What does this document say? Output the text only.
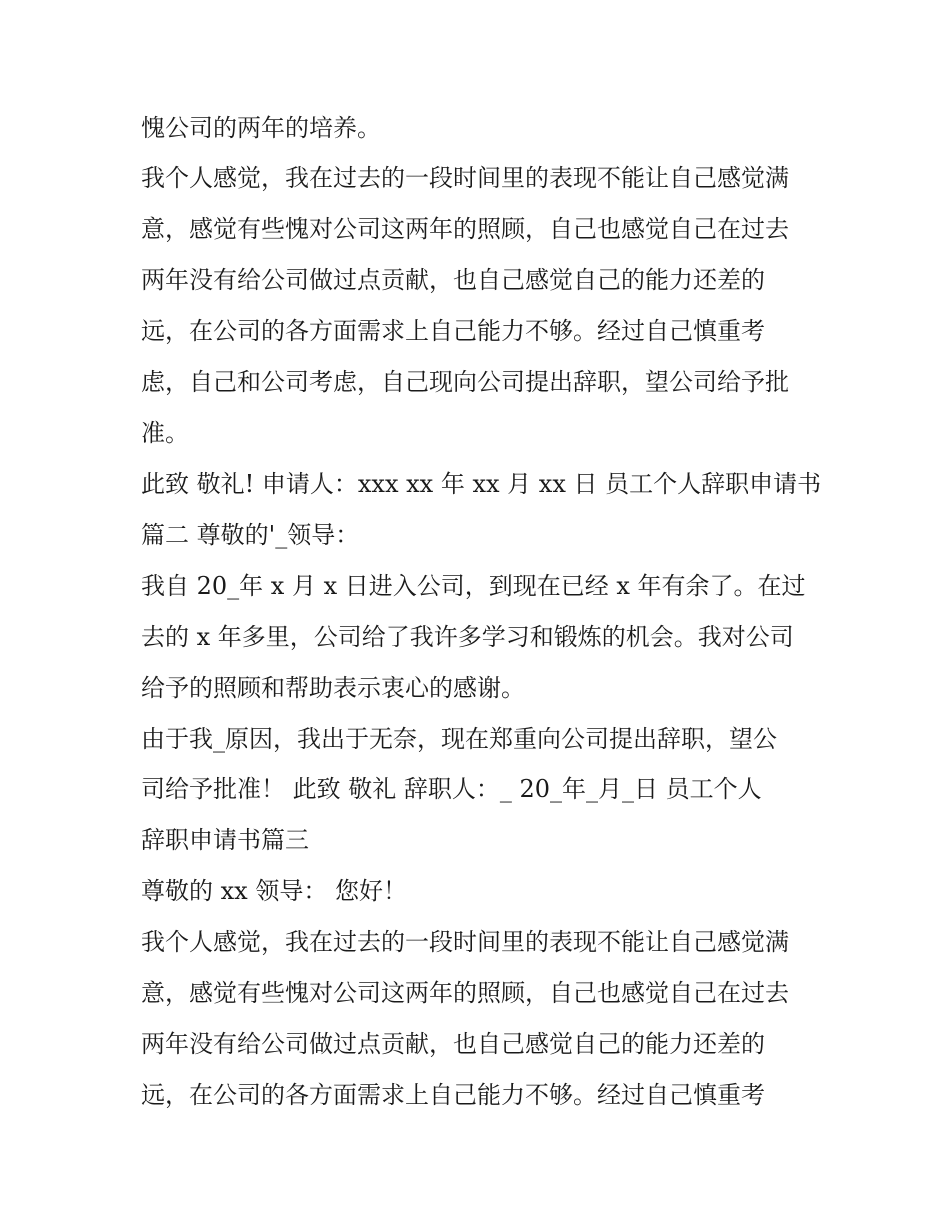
愧公司的两年的培养。
我个人感觉，我在过去的一段时间里的表现不能让自己感觉满
意，感觉有些愧对公司这两年的照顾，自己也感觉自己在过去
两年没有给公司做过点贡献，也自己感觉自己的能力还差的
远，在公司的各方面需求上自己能力不够。经过自己慎重考
虑，自己和公司考虑，自己现向公司提出辞职，望公司给予批
准。
此致 敬礼! 申请人：xxx xx 年 xx 月 xx 日 员工个人辞职申请书
篇二 尊敬的'_领导：
我自 20_年 x 月 x 日进入公司，到现在已经 x 年有余了。在过
去的 x 年多里，公司给了我许多学习和锻炼的机会。我对公司
给予的照顾和帮助表示衷心的感谢。
由于我_原因，我出于无奈，现在郑重向公司提出辞职，望公
司给予批准！ 此致 敬礼 辞职人：_ 20_年_月_日 员工个人
辞职申请书篇三
尊敬的 xx 领导： 您好！
我个人感觉，我在过去的一段时间里的表现不能让自己感觉满
意，感觉有些愧对公司这两年的照顾，自己也感觉自己在过去
两年没有给公司做过点贡献，也自己感觉自己的能力还差的
远，在公司的各方面需求上自己能力不够。经过自己慎重考
